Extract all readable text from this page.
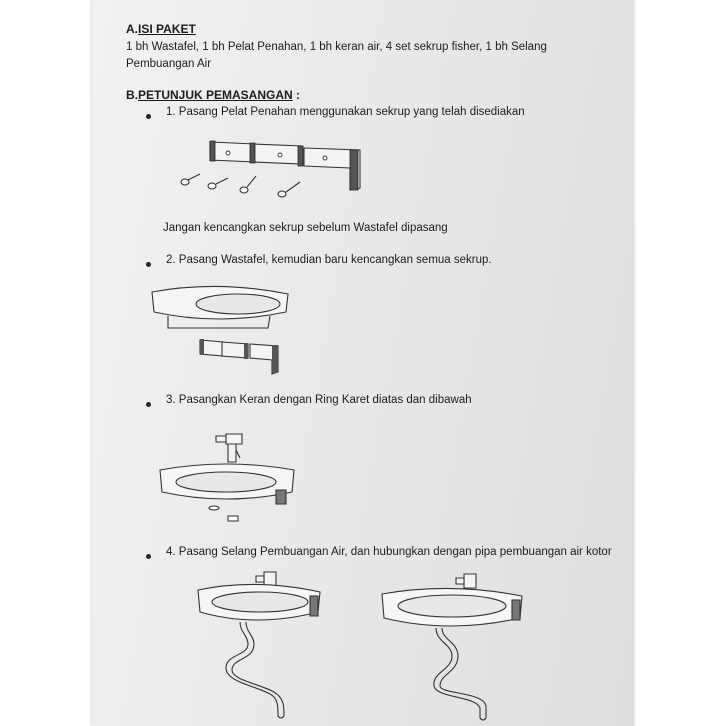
A.ISI PAKET
1 bh Wastafel, 1 bh Pelat Penahan, 1 bh keran air, 4 set sekrup fisher, 1 bh Selang
Pembuangan Air
B.PETUNJUK PEMASANGAN :
1. Pasang Pelat Penahan menggunakan sekrup yang telah disediakan
Jangan kencangkan sekrup sebelum Wastafel dipasang
2. Pasang Wastafel, kemudian baru kencangkan semua sekrup.
3. Pasangkan Keran dengan Ring Karet diatas dan dibawah
4. Pasang Selang Pembuangan Air, dan hubungkan dengan pipa pembuangan air kotor
